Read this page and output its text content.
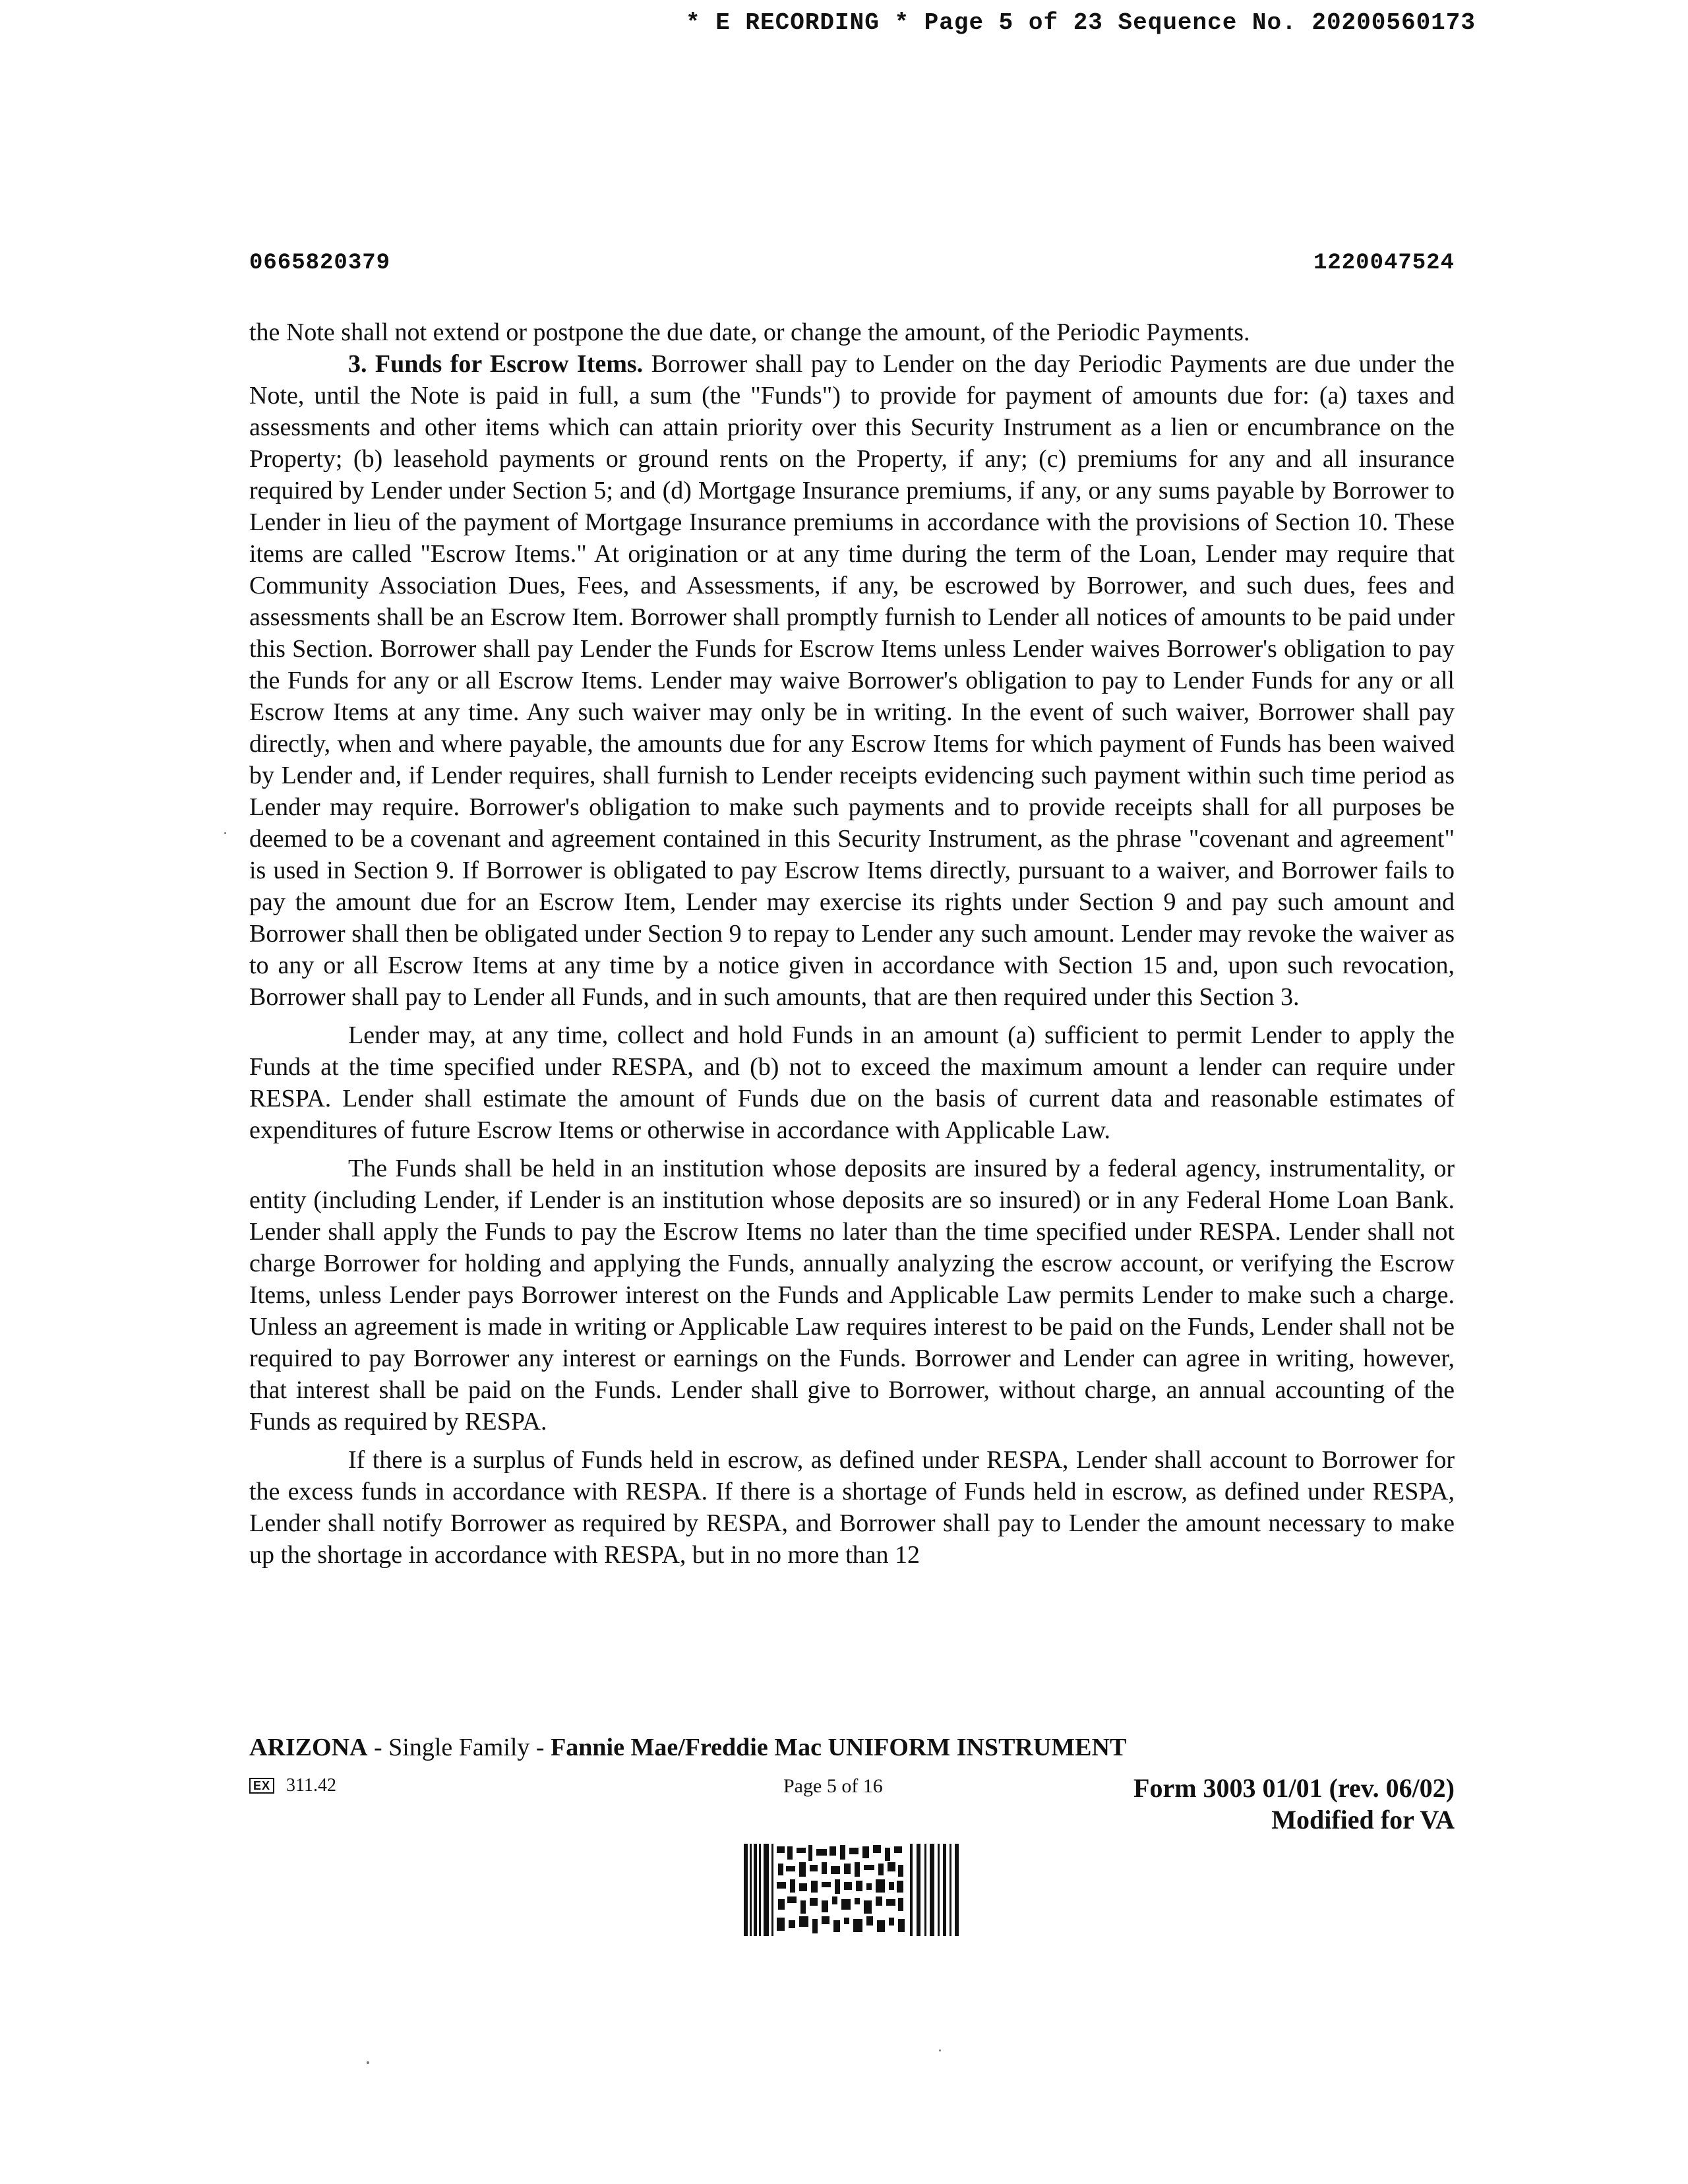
* E RECORDING * Page 5 of 23 Sequence No. 20200560173
0665820379	1220047524

the Note shall not extend or postpone the due date, or change the amount, of the Periodic Payments.

3. Funds for Escrow Items. Borrower shall pay to Lender on the day Periodic Payments are due under the Note, until the Note is paid in full, a sum (the "Funds") to provide for payment of amounts due for: (a) taxes and assessments and other items which can attain priority over this Security Instrument as a lien or encumbrance on the Property; (b) leasehold payments or ground rents on the Property, if any; (c) premiums for any and all insurance required by Lender under Section 5; and (d) Mortgage Insurance premiums, if any, or any sums payable by Borrower to Lender in lieu of the payment of Mortgage Insurance premiums in accordance with the provisions of Section 10. These items are called "Escrow Items." At origination or at any time during the term of the Loan, Lender may require that Community Association Dues, Fees, and Assessments, if any, be escrowed by Borrower, and such dues, fees and assessments shall be an Escrow Item. Borrower shall promptly furnish to Lender all notices of amounts to be paid under this Section. Borrower shall pay Lender the Funds for Escrow Items unless Lender waives Borrower's obligation to pay the Funds for any or all Escrow Items. Lender may waive Borrower's obligation to pay to Lender Funds for any or all Escrow Items at any time. Any such waiver may only be in writing. In the event of such waiver, Borrower shall pay directly, when and where payable, the amounts due for any Escrow Items for which payment of Funds has been waived by Lender and, if Lender requires, shall furnish to Lender receipts evidencing such payment within such time period as Lender may require. Borrower's obligation to make such payments and to provide receipts shall for all purposes be deemed to be a covenant and agreement contained in this Security Instrument, as the phrase "covenant and agreement" is used in Section 9. If Borrower is obligated to pay Escrow Items directly, pursuant to a waiver, and Borrower fails to pay the amount due for an Escrow Item, Lender may exercise its rights under Section 9 and pay such amount and Borrower shall then be obligated under Section 9 to repay to Lender any such amount. Lender may revoke the waiver as to any or all Escrow Items at any time by a notice given in accordance with Section 15 and, upon such revocation, Borrower shall pay to Lender all Funds, and in such amounts, that are then required under this Section 3.

Lender may, at any time, collect and hold Funds in an amount (a) sufficient to permit Lender to apply the Funds at the time specified under RESPA, and (b) not to exceed the maximum amount a lender can require under RESPA. Lender shall estimate the amount of Funds due on the basis of current data and reasonable estimates of expenditures of future Escrow Items or otherwise in accordance with Applicable Law.

The Funds shall be held in an institution whose deposits are insured by a federal agency, instrumentality, or entity (including Lender, if Lender is an institution whose deposits are so insured) or in any Federal Home Loan Bank. Lender shall apply the Funds to pay the Escrow Items no later than the time specified under RESPA. Lender shall not charge Borrower for holding and applying the Funds, annually analyzing the escrow account, or verifying the Escrow Items, unless Lender pays Borrower interest on the Funds and Applicable Law permits Lender to make such a charge. Unless an agreement is made in writing or Applicable Law requires interest to be paid on the Funds, Lender shall not be required to pay Borrower any interest or earnings on the Funds. Borrower and Lender can agree in writing, however, that interest shall be paid on the Funds. Lender shall give to Borrower, without charge, an annual accounting of the Funds as required by RESPA.

If there is a surplus of Funds held in escrow, as defined under RESPA, Lender shall account to Borrower for the excess funds in accordance with RESPA. If there is a shortage of Funds held in escrow, as defined under RESPA, Lender shall notify Borrower as required by RESPA, and Borrower shall pay to Lender the amount necessary to make up the shortage in accordance with RESPA, but in no more than 12

ARIZONA - Single Family - Fannie Mae/Freddie Mac UNIFORM INSTRUMENT
EX 311.42	Page 5 of 16	Form 3003 01/01 (rev. 06/02)
Modified for VA
